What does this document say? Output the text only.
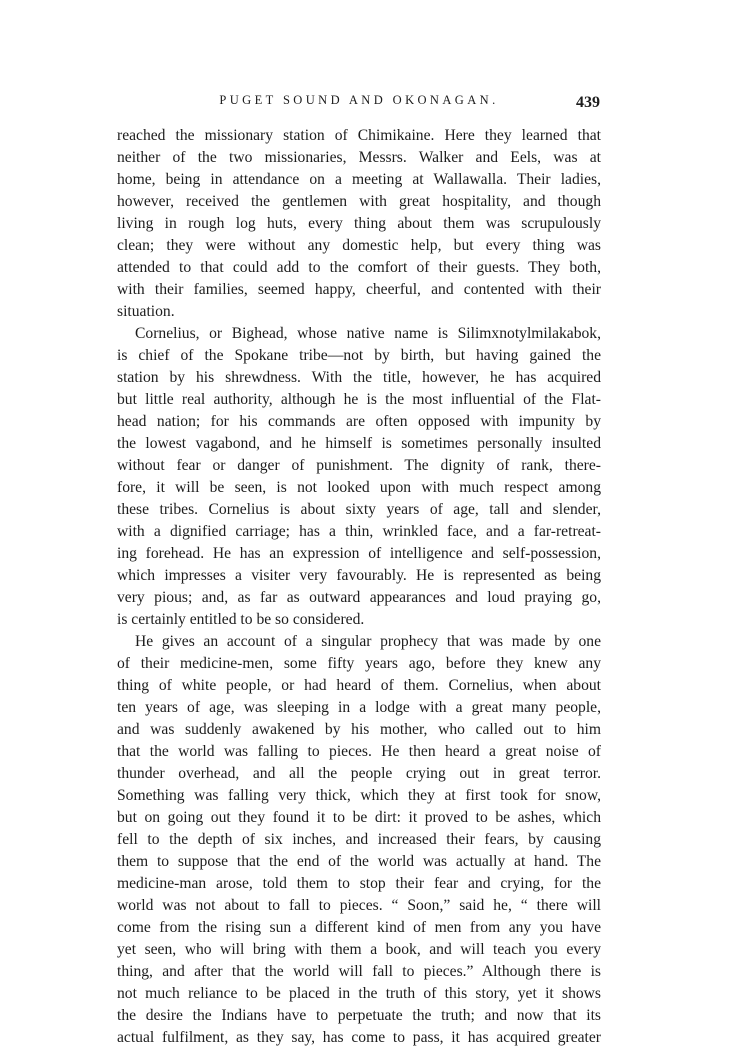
PUGET SOUND AND OKONAGAN.	439
reached the missionary station of Chimikaine. Here they learned that
neither of the two missionaries, Messrs. Walker and Eels, was at
home, being in attendance on a meeting at Wallawalla. Their ladies,
however, received the gentlemen with great hospitality, and though
living in rough log huts, every thing about them was scrupulously
clean; they were without any domestic help, but every thing was
attended to that could add to the comfort of their guests. They both,
with their families, seemed happy, cheerful, and contented with their
situation.
Cornelius, or Bighead, whose native name is Silimxnotylmilakabok,
is chief of the Spokane tribe—not by birth, but having gained the
station by his shrewdness. With the title, however, he has acquired
but little real authority, although he is the most influential of the Flat-
head nation; for his commands are often opposed with impunity by
the lowest vagabond, and he himself is sometimes personally insulted
without fear or danger of punishment. The dignity of rank, there-
fore, it will be seen, is not looked upon with much respect among
these tribes. Cornelius is about sixty years of age, tall and slender,
with a dignified carriage; has a thin, wrinkled face, and a far-retreat-
ing forehead. He has an expression of intelligence and self-possession,
which impresses a visiter very favourably. He is represented as being
very pious; and, as far as outward appearances and loud praying go,
is certainly entitled to be so considered.
He gives an account of a singular prophecy that was made by one
of their medicine-men, some fifty years ago, before they knew any
thing of white people, or had heard of them. Cornelius, when about
ten years of age, was sleeping in a lodge with a great many people,
and was suddenly awakened by his mother, who called out to him
that the world was falling to pieces. He then heard a great noise of
thunder overhead, and all the people crying out in great terror.
Something was falling very thick, which they at first took for snow,
but on going out they found it to be dirt: it proved to be ashes, which
fell to the depth of six inches, and increased their fears, by causing
them to suppose that the end of the world was actually at hand. The
medicine-man arose, told them to stop their fear and crying, for the
world was not about to fall to pieces. “ Soon,” said he, “ there will
come from the rising sun a different kind of men from any you have
yet seen, who will bring with them a book, and will teach you every
thing, and after that the world will fall to pieces.” Although there is
not much reliance to be placed in the truth of this story, yet it shows
the desire the Indians have to perpetuate the truth; and now that its
actual fulfilment, as they say, has come to pass, it has acquired greater
